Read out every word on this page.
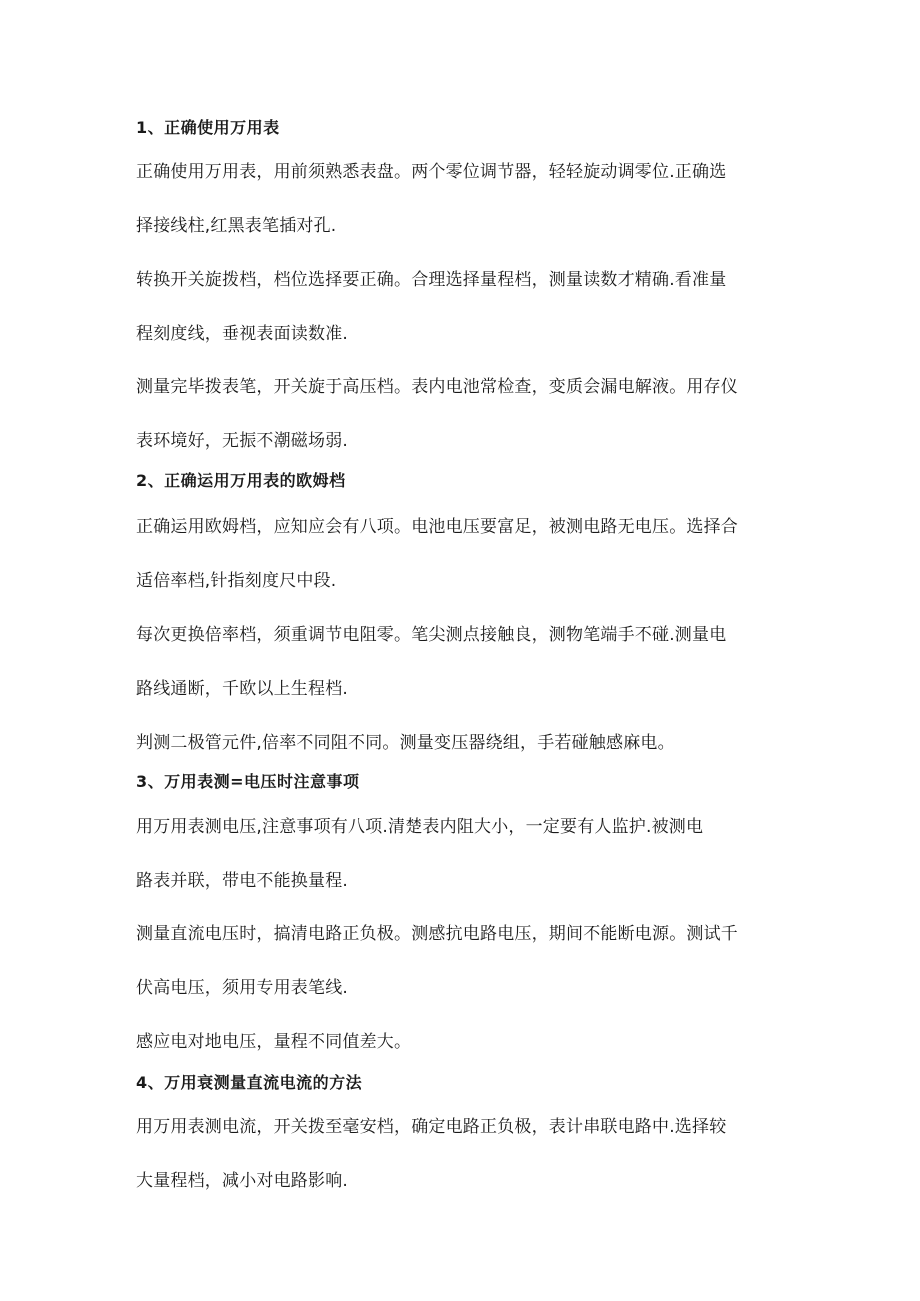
1、正确使用万用表
正确使用万用表，用前须熟悉表盘。两个零位调节器，轻轻旋动调零位.正确选
择接线柱,红黑表笔插对孔.
转换开关旋拨档，档位选择要正确。合理选择量程档，测量读数才精确.看准量
程刻度线，垂视表面读数准.
测量完毕拨表笔，开关旋于高压档。表内电池常检查，变质会漏电解液。用存仪
表环境好，无振不潮磁场弱.
2、正确运用万用表的欧姆档
正确运用欧姆档，应知应会有八项。电池电压要富足，被测电路无电压。选择合
适倍率档,针指刻度尺中段.
每次更换倍率档，须重调节电阻零。笔尖测点接触良，测物笔端手不碰.测量电
路线通断，千欧以上生程档.
判测二极管元件,倍率不同阻不同。测量变压器绕组，手若碰触感麻电。
3、万用表测=电压时注意事项
用万用表测电压,注意事项有八项.清楚表内阻大小，一定要有人监护.被测电
路表并联，带电不能换量程.
测量直流电压时，搞清电路正负极。测感抗电路电压，期间不能断电源。测试千
伏高电压，须用专用表笔线.
感应电对地电压，量程不同值差大。
4、万用衰测量直流电流的方法
用万用表测电流，开关拨至毫安档，确定电路正负极，表计串联电路中.选择较
大量程档，减小对电路影响.
